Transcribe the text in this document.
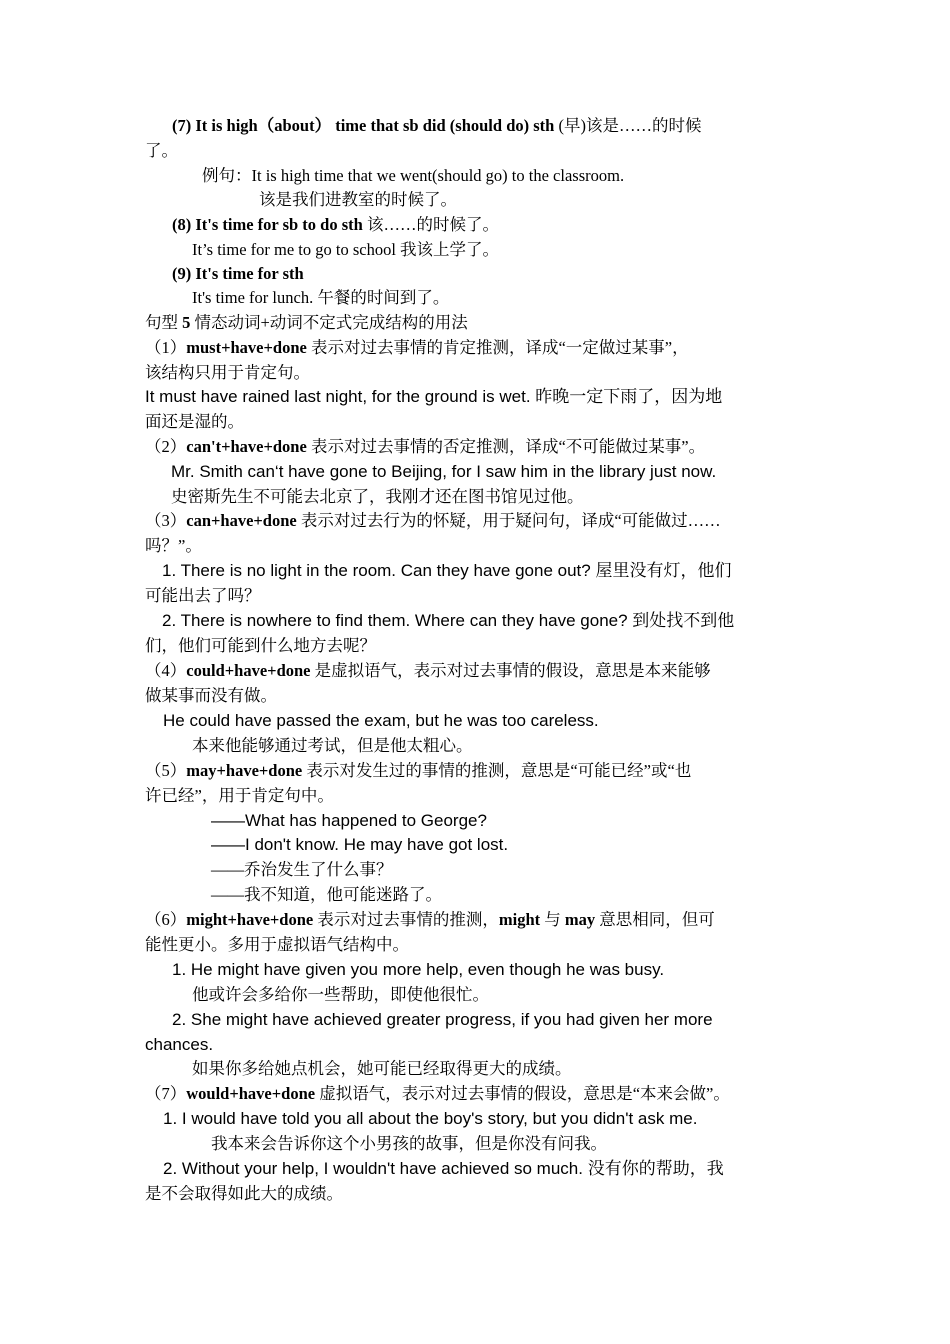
(7) It is high（about） time that sb did (should do) sth (早)该是……的时候
了。
例句：It is high time that we went(should go) to the classroom.
该是我们进教室的时候了。
(8) It's time for sb to do sth 该……的时候了。
It’s time for me to go to school 我该上学了。
(9) It's time for sth
It's time for lunch. 午餐的时间到了。
句型 5 情态动词+动词不定式完成结构的用法
（1）must+have+done 表示对过去事情的肯定推测，译成“一定做过某事”，
该结构只用于肯定句。
It must have rained last night, for the ground is wet. 昨晚一定下雨了，因为地
面还是湿的。
（2）can't+have+done 表示对过去事情的否定推测，译成“不可能做过某事”。
Mr. Smith can‘t have gone to Beijing, for I saw him in the library just now.
史密斯先生不可能去北京了，我刚才还在图书馆见过他。
（3）can+have+done 表示对过去行为的怀疑，用于疑问句，译成“可能做过……
吗？”。
1. There is no light in the room. Can they have gone out? 屋里没有灯，他们
可能出去了吗？
2. There is nowhere to find them. Where can they have gone? 到处找不到他
们，他们可能到什么地方去呢？
（4）could+have+done 是虚拟语气，表示对过去事情的假设，意思是本来能够
做某事而没有做。
He could have passed the exam, but he was too careless.
本来他能够通过考试，但是他太粗心。
（5）may+have+done 表示对发生过的事情的推测，意思是“可能已经”或“也
许已经”，用于肯定句中。
——What has happened to George?
——I don't know. He may have got lost.
——乔治发生了什么事？
——我不知道，他可能迷路了。
（6）might+have+done 表示对过去事情的推测，might 与 may 意思相同，但可
能性更小。多用于虚拟语气结构中。
1. He might have given you more help, even though he was busy.
他或许会多给你一些帮助，即使他很忙。
2. She might have achieved greater progress, if you had given her more
chances.
如果你多给她点机会，她可能已经取得更大的成绩。
（7）would+have+done 虚拟语气，表示对过去事情的假设，意思是“本来会做”。
1. I would have told you all about the boy's story, but you didn't ask me.
我本来会告诉你这个小男孩的故事，但是你没有问我。
2. Without your help, I wouldn't have achieved so much. 没有你的帮助，我
是不会取得如此大的成绩。
